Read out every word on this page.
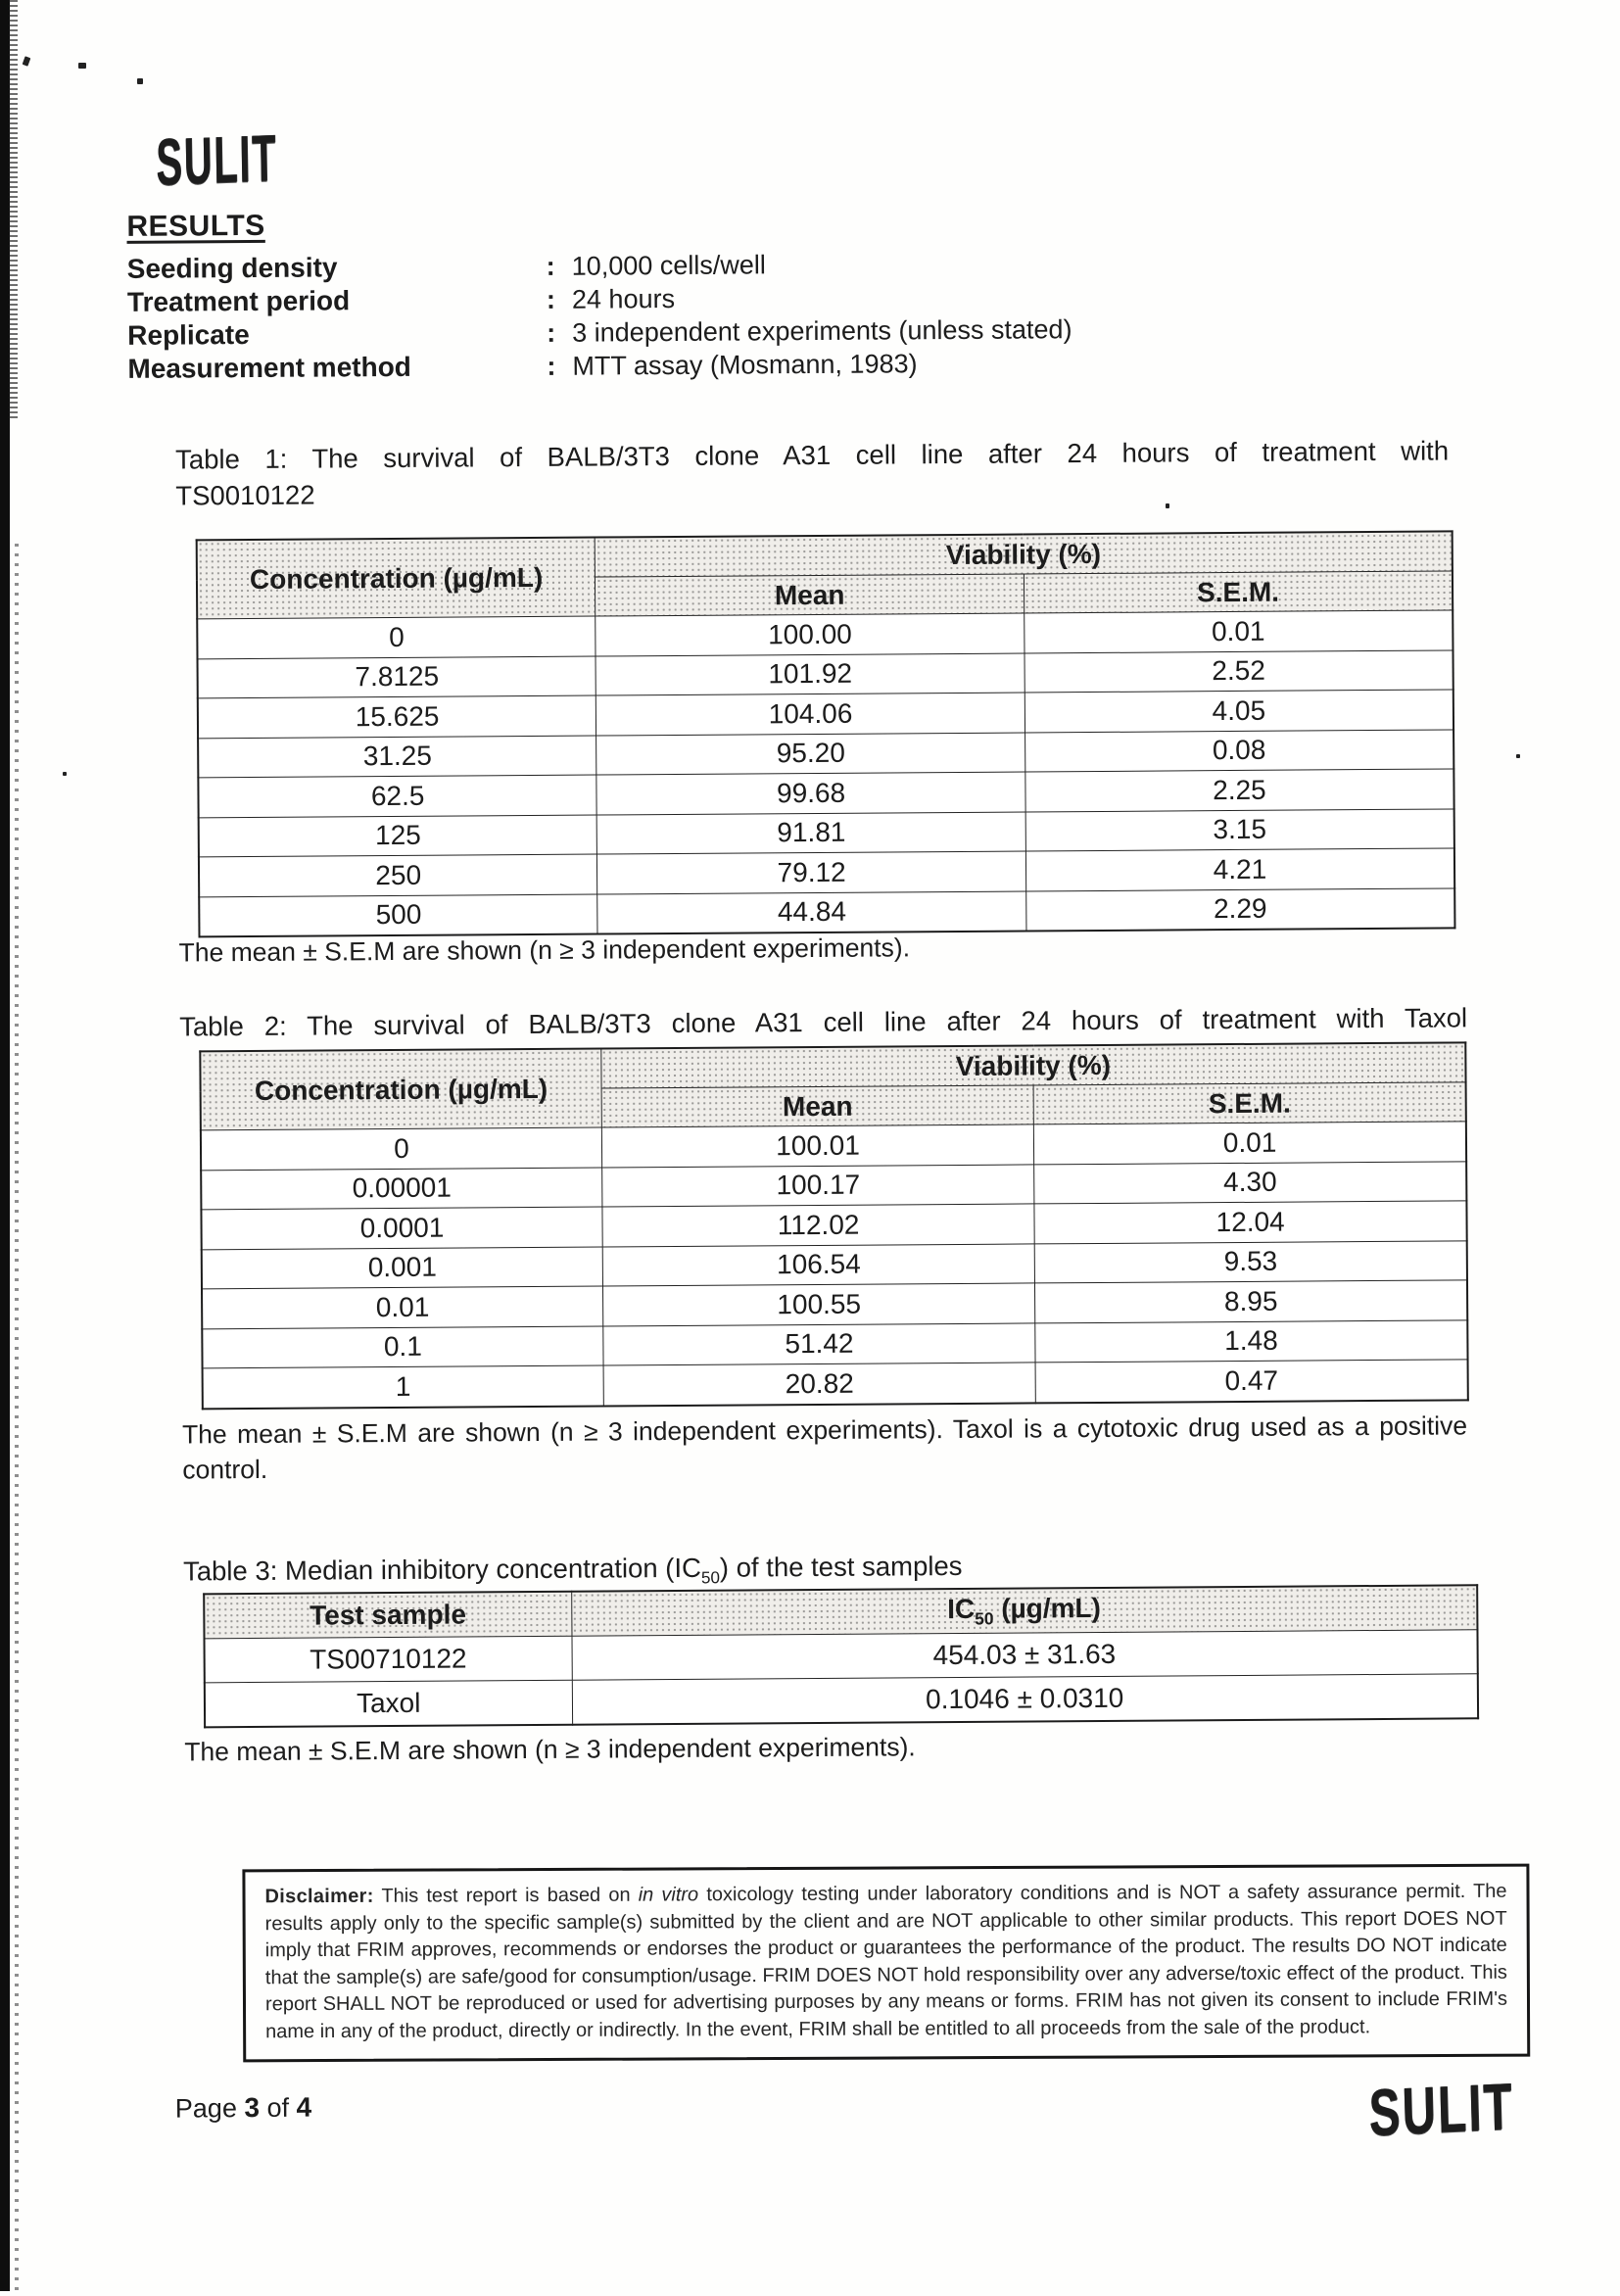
SULIT
RESULTS
Seeding density	: 10,000 cells/well
Treatment period	: 24 hours
Replicate	: 3 independent experiments (unless stated)
Measurement method	: MTT assay (Mosmann, 1983)
Table 1: The survival of BALB/3T3 clone A31 cell line after 24 hours of treatment with
TS0010122
Concentration (µg/mL)	Viability (%)	
	Mean	S.E.M.
0	100.00	0.01
7.8125	101.92	2.52
15.625	104.06	4.05
31.25	95.20	0.08
62.5	99.68	2.25
125	91.81	3.15
250	79.12	4.21
500	44.84	2.29
The mean ± S.E.M are shown (n ≥ 3 independent experiments).
Table 2: The survival of BALB/3T3 clone A31 cell line after 24 hours of treatment with Taxol
Concentration (µg/mL)	Viability (%)	
	Mean	S.E.M.
0	100.01	0.01
0.00001	100.17	4.30
0.0001	112.02	12.04
0.001	106.54	9.53
0.01	100.55	8.95
0.1	51.42	1.48
1	20.82	0.47
The mean ± S.E.M are shown (n ≥ 3 independent experiments). Taxol is a cytotoxic drug used as a positive control.
Table 3: Median inhibitory concentration $(IC_{50})$ of the test samples
Test sample	$IC_{50}$ (µg/mL)
TS00710122	454.03 ± 31.63
Taxol	0.1046 ± 0.0310
The mean ± S.E.M are shown (n ≥ 3 independent experiments).
Disclaimer: This test report is based on in vitro toxicology testing under laboratory conditions and is NOT a safety assurance permit. The results apply only to the specific sample(s) submitted by the client and are NOT applicable to other similar products. This report DOES NOT imply that FRIM approves, recommends or endorses the product or guarantees the performance of the product. The results DO NOT indicate that the sample(s) are safe/good for consumption/usage. FRIM DOES NOT hold responsibility over any adverse/toxic effect of the product. This report SHALL NOT be reproduced or used for advertising purposes by any means or forms. FRIM has not given its consent to include FRIM's name in any of the product, directly or indirectly. In the event, FRIM shall be entitled to all proceeds from the sale of the product.
Page 3 of 4	SULIT
